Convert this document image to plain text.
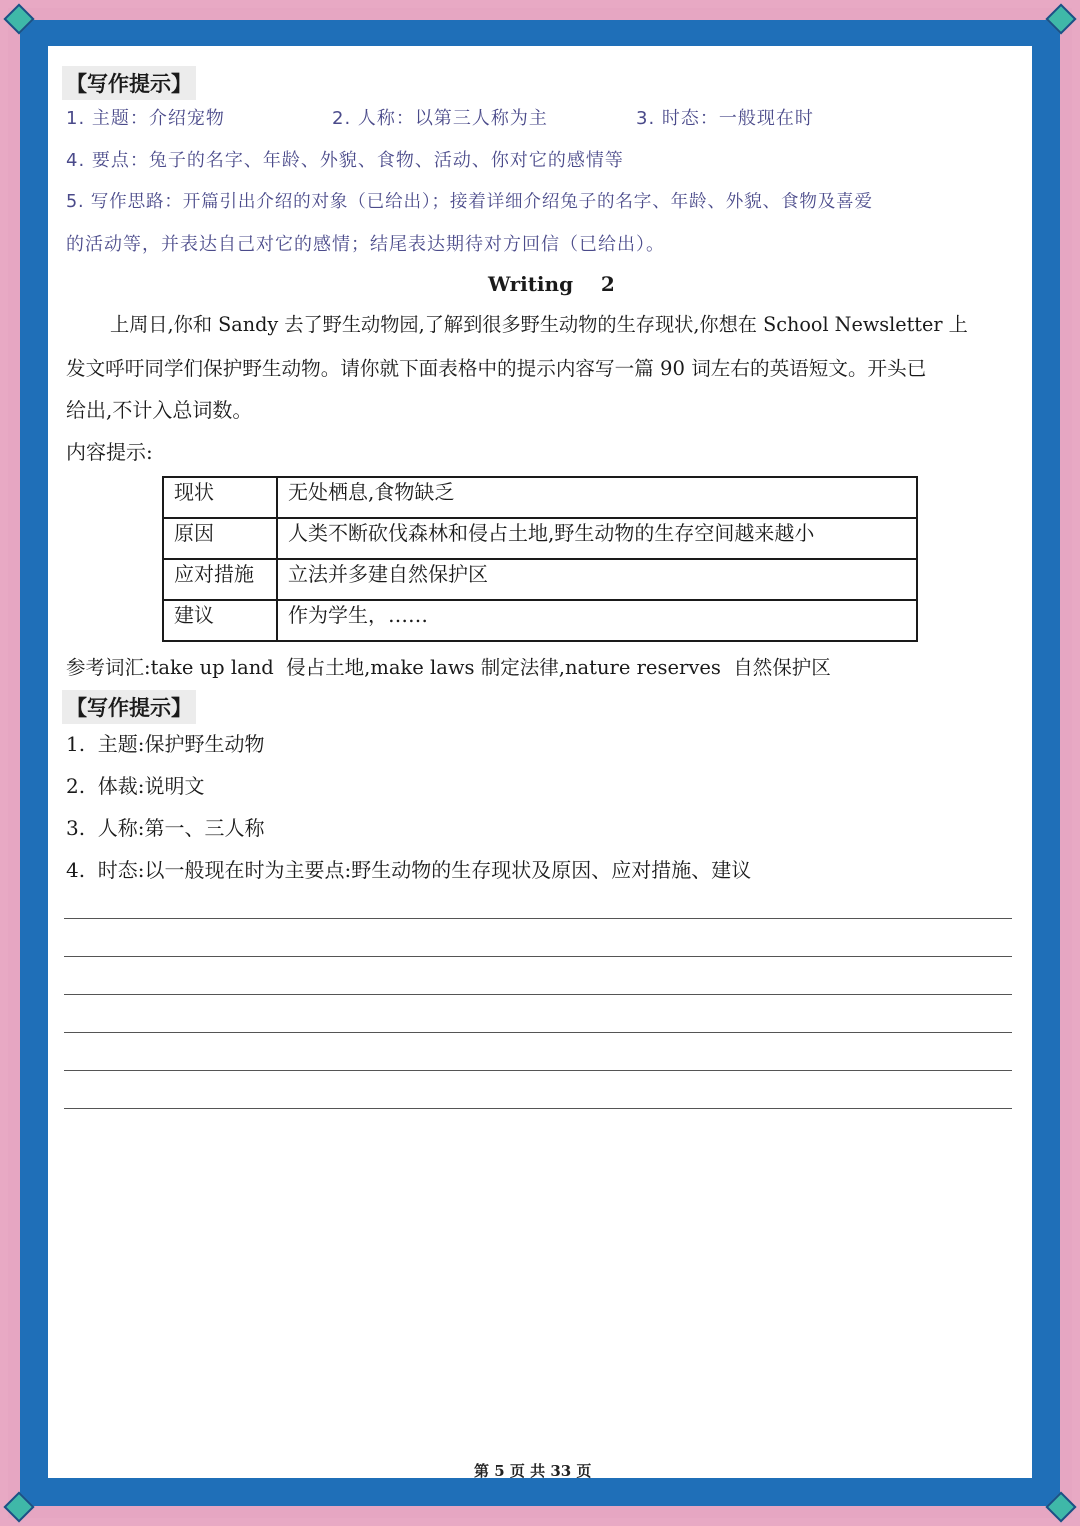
【写作提示】
1. 主题：介绍宠物	2. 人称：以第三人称为主	3. 时态：一般现在时
4. 要点：兔子的名字、年龄、外貌、食物、活动、你对它的感情等
5. 写作思路：开篇引出介绍的对象（已给出）；接着详细介绍兔子的名字、年龄、外貌、食物及喜爱
的活动等，并表达自己对它的感情；结尾表达期待对方回信（已给出）。
Writing    2
上周日,你和 Sandy 去了野生动物园,了解到很多野生动物的生存现状,你想在 School Newsletter 上
发文呼吁同学们保护野生动物。请你就下面表格中的提示内容写一篇 90 词左右的英语短文。开头已
给出,不计入总词数。
内容提示:
现状	无处栖息,食物缺乏
原因	人类不断砍伐森林和侵占土地,野生动物的生存空间越来越小
应对措施	立法并多建自然保护区
建议	作为学生，……
参考词汇:take up land  侵占土地,make laws 制定法律,nature reserves  自然保护区
【写作提示】
1.  主题:保护野生动物
2.  体裁:说明文
3.  人称:第一、三人称
4.  时态:以一般现在时为主要点:野生动物的生存现状及原因、应对措施、建议
第 5 页 共 33 页
